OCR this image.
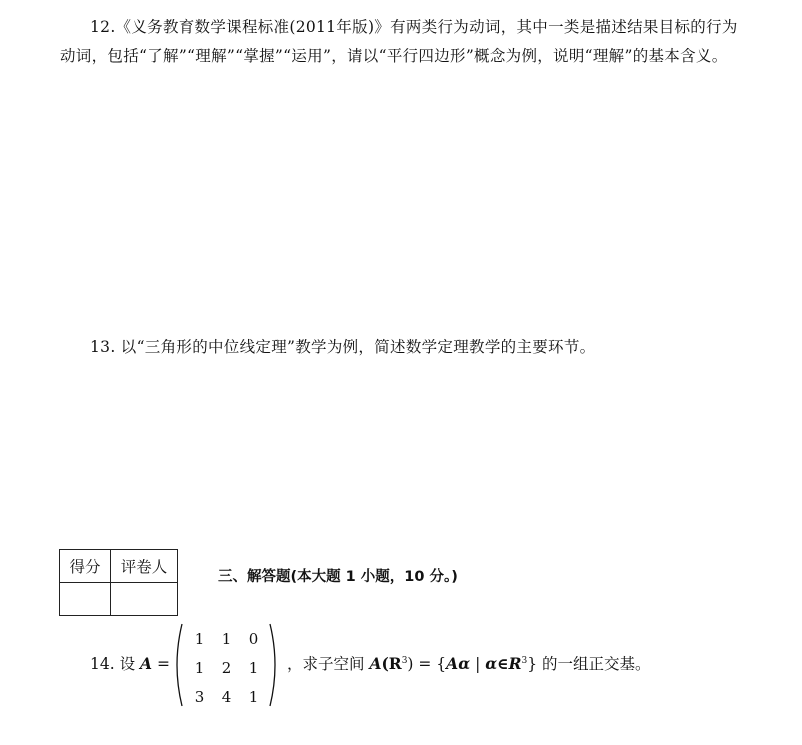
12.《义务教育数学课程标准(2011年版)》有两类行为动词，其中一类是描述结果目标的行为动词，包括“了解”“理解”“掌握”“运用”，请以“平行四边形”概念为例，说明“理解”的基本含义。
13. 以“三角形的中位线定理”教学为例，简述数学定理教学的主要环节。
得分	评卷人

三、解答题(本大题 1 小题，10 分。)
14. 设 A =
1	1	0
1	2	1
3	4	1
，求子空间 $A(R^3) = \{A\alpha$ | $\alpha\in R^3$} 的一组正交基。
